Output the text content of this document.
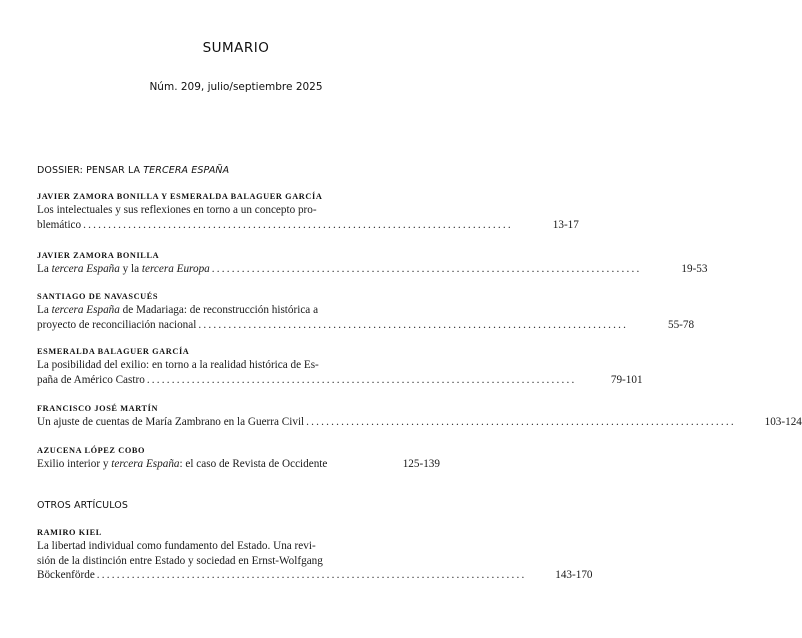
SUMARIO
Núm. 209, julio/septiembre 2025
DOSSIER: PENSAR LA TERCERA ESPAÑA
JAVIER ZAMORA BONILLA Y ESMERALDA BALAGUER GARCÍA
Los intelectuales y sus reflexiones en torno a un concepto pro-
blemático ......................................................................................	13-17
JAVIER ZAMORA BONILLA
La tercera España y la tercera Europa ......................................................................................	19-53
SANTIAGO DE NAVASCUÉS
La tercera España de Madariaga: de reconstrucción histórica a
proyecto de reconciliación nacional ......................................................................................	55-78
ESMERALDA BALAGUER GARCÍA
La posibilidad del exilio: en torno a la realidad histórica de Es-
paña de Américo Castro ......................................................................................	79-101
FRANCISCO JOSÉ MARTÍN
Un ajuste de cuentas de María Zambrano en la Guerra Civil ......................................................................................	103-124
AZUCENA LÓPEZ COBO
Exilio interior y tercera España: el caso de Revista de Occidente	125-139
OTROS ARTÍCULOS
RAMIRO KIEL
La libertad individual como fundamento del Estado. Una revi-
sión de la distinción entre Estado y sociedad en Ernst-Wolfgang
Böckenförde ......................................................................................	143-170
